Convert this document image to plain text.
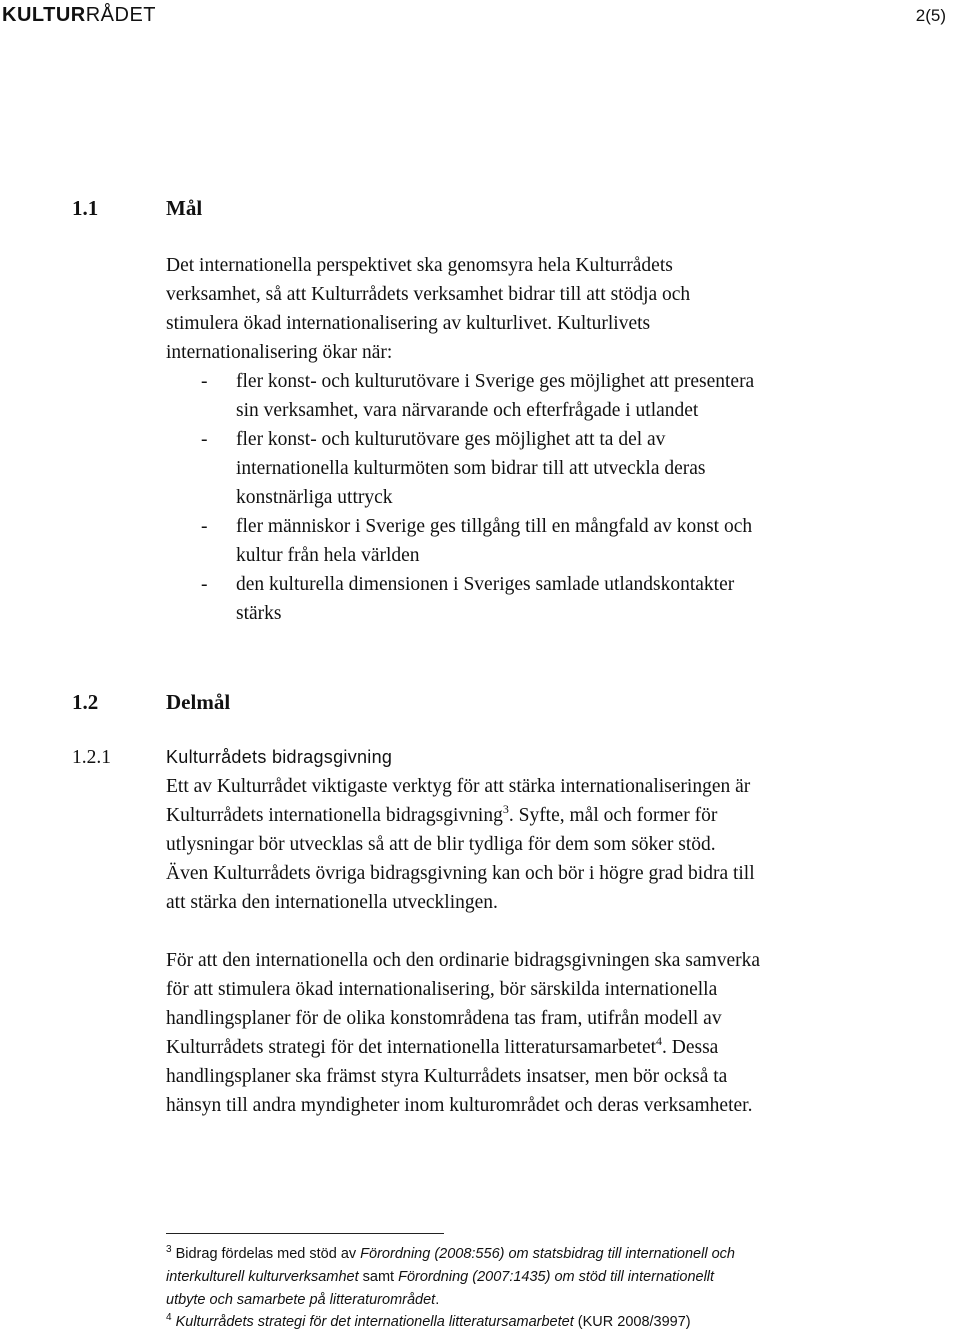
KULTURRÅDET	2(5)
1.1	Mål
Det internationella perspektivet ska genomsyra hela Kulturrådets
verksamhet, så att Kulturrådets verksamhet bidrar till att stödja och
stimulera ökad internationalisering av kulturlivet. Kulturlivets
internationalisering ökar när:
- fler konst- och kulturutövare i Sverige ges möjlighet att presentera
sin verksamhet, vara närvarande och efterfrågade i utlandet
- fler konst- och kulturutövare ges möjlighet att ta del av
internationella kulturmöten som bidrar till att utveckla deras
konstnärliga uttryck
- fler människor i Sverige ges tillgång till en mångfald av konst och
kultur från hela världen
- den kulturella dimensionen i Sveriges samlade utlandskontakter
stärks
1.2	Delmål
1.2.1	Kulturrådets bidragsgivning
Ett av Kulturrådet viktigaste verktyg för att stärka internationaliseringen är
Kulturrådets internationella bidragsgivning$^3$. Syfte, mål och former för
utlysningar bör utvecklas så att de blir tydliga för dem som söker stöd.
Även Kulturrådets övriga bidragsgivning kan och bör i högre grad bidra till
att stärka den internationella utvecklingen.
För att den internationella och den ordinarie bidragsgivningen ska samverka
för att stimulera ökad internationalisering, bör särskilda internationella
handlingsplaner för de olika konstområdena tas fram, utifrån modell av
Kulturrådets strategi för det internationella litteratursamarbetet$^4$. Dessa
handlingsplaner ska främst styra Kulturrådets insatser, men bör också ta
hänsyn till andra myndigheter inom kulturområdet och deras verksamheter.
$^3$ Bidrag fördelas med stöd av Förordning (2008:556) om statsbidrag till internationell och
interkulturell kulturverksamhet samt Förordning (2007:1435) om stöd till internationellt
utbyte och samarbete på litteraturområdet.
$^4$ Kulturrådets strategi för det internationella litteratursamarbetet (KUR 2008/3997)
